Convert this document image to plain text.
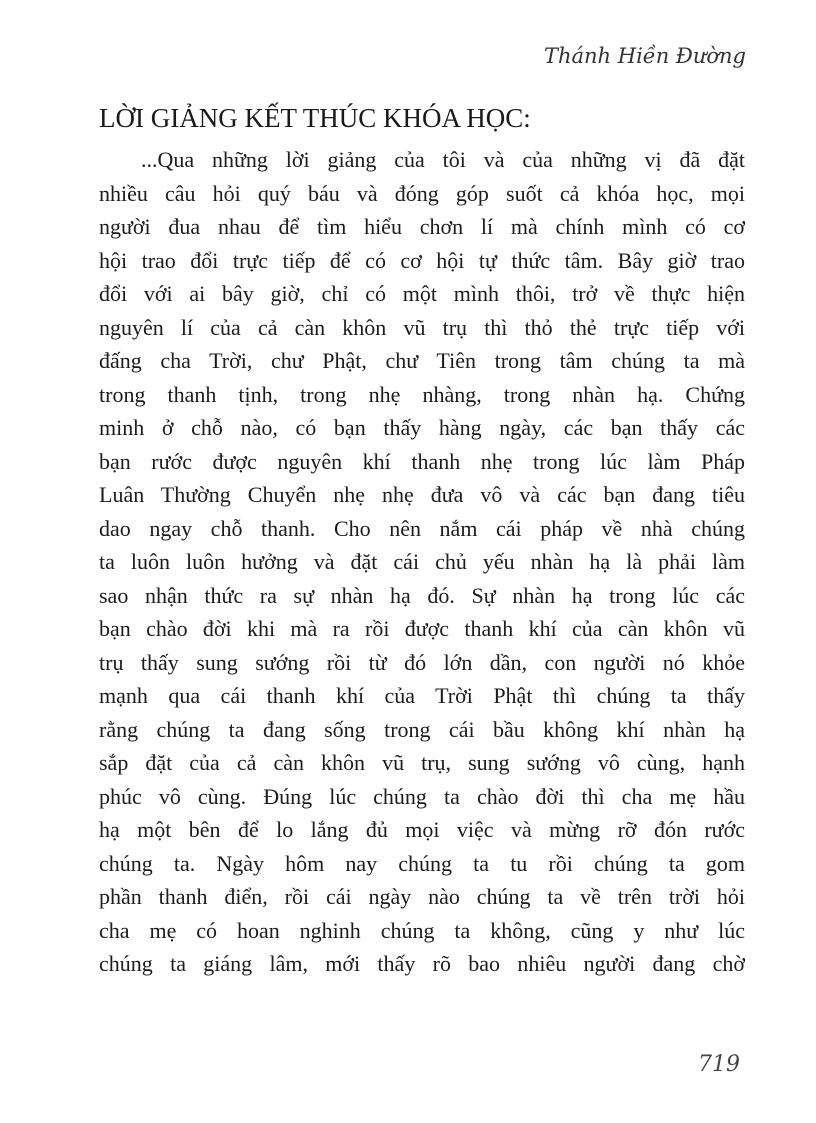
Thánh Hiền Đường
LỜI GIẢNG KẾT THÚC KHÓA HỌC:
...Qua những lời giảng của tôi và của những vị đã đặt
nhiều câu hỏi quý báu và đóng góp suốt cả khóa học, mọi
người đua nhau để tìm hiểu chơn lí mà chính mình có cơ
hội trao đổi trực tiếp để có cơ hội tự thức tâm. Bây giờ trao
đổi với ai bây giờ, chỉ có một mình thôi, trở về thực hiện
nguyên lí của cả càn khôn vũ trụ thì thỏ thẻ trực tiếp với
đấng cha Trời, chư Phật, chư Tiên trong tâm chúng ta mà
trong thanh tịnh, trong nhẹ nhàng, trong nhàn hạ. Chứng
minh ở chỗ nào, có bạn thấy hàng ngày, các bạn thấy các
bạn rước được nguyên khí thanh nhẹ trong lúc làm Pháp
Luân Thường Chuyển nhẹ nhẹ đưa vô và các bạn đang tiêu
dao ngay chỗ thanh. Cho nên nắm cái pháp về nhà chúng
ta luôn luôn hưởng và đặt cái chủ yếu nhàn hạ là phải làm
sao nhận thức ra sự nhàn hạ đó. Sự nhàn hạ trong lúc các
bạn chào đời khi mà ra rồi được thanh khí của càn khôn vũ
trụ thấy sung sướng rồi từ đó lớn dần, con người nó khỏe
mạnh qua cái thanh khí của Trời Phật thì chúng ta thấy
rằng chúng ta đang sống trong cái bầu không khí nhàn hạ
sắp đặt của cả càn khôn vũ trụ, sung sướng vô cùng, hạnh
phúc vô cùng. Đúng lúc chúng ta chào đời thì cha mẹ hầu
hạ một bên để lo lắng đủ mọi việc và mừng rỡ đón rước
chúng ta. Ngày hôm nay chúng ta tu rồi chúng ta gom
phần thanh điển, rồi cái ngày nào chúng ta về trên trời hỏi
cha mẹ có hoan nghinh chúng ta không, cũng y như lúc
chúng ta giáng lâm, mới thấy rõ bao nhiêu người đang chờ
719
